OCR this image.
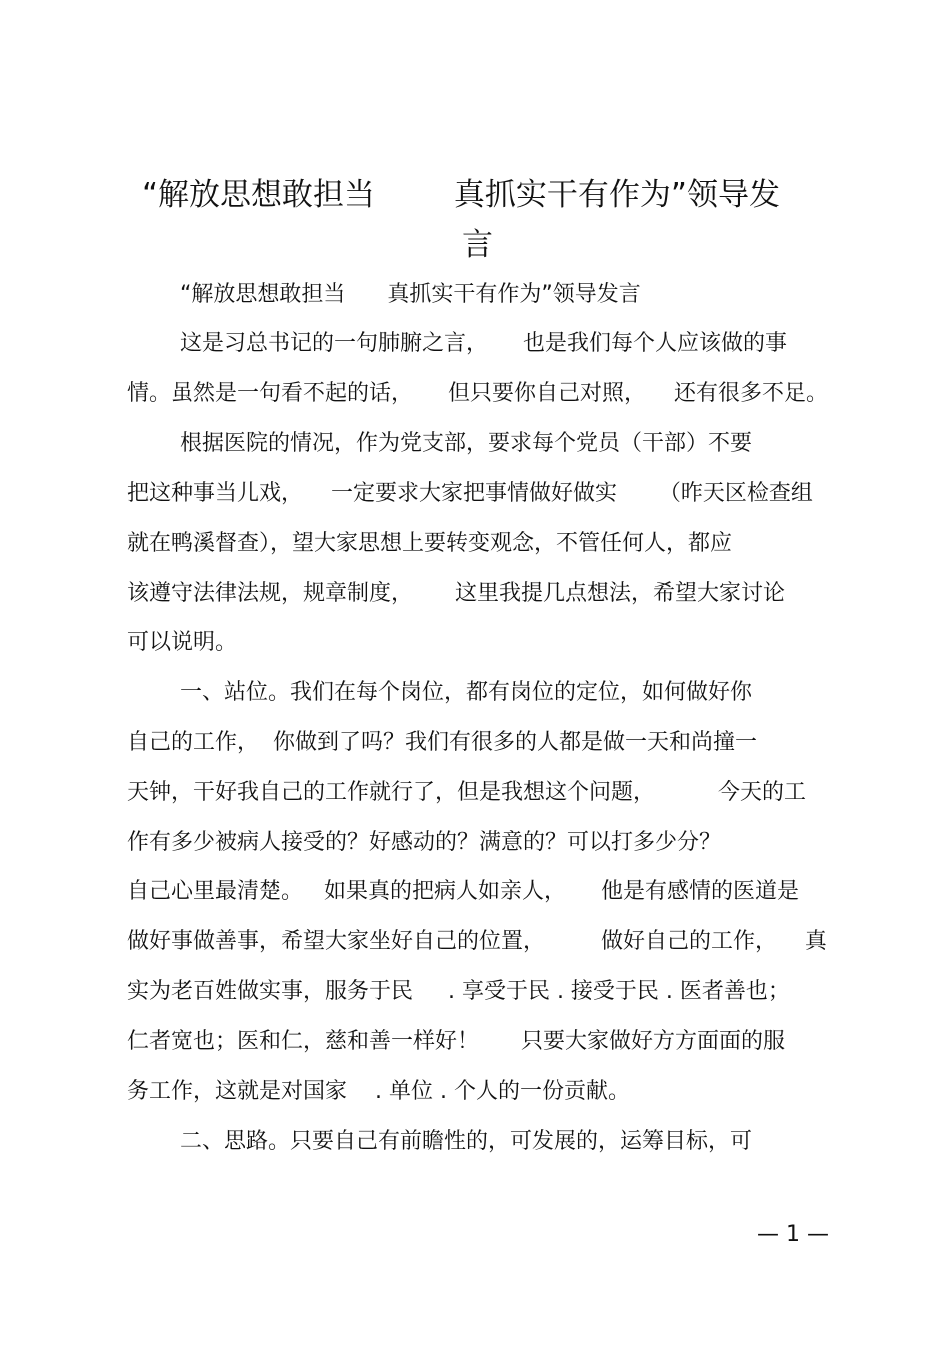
“解放思想敢担当        真抓实干有作为”领导发
言
“解放思想敢担当      真抓实干有作为”领导发言
这是习总书记的一句肺腑之言，     也是我们每个人应该做的事
情。虽然是一句看不起的话，     但只要你自己对照，    还有很多不足。
根据医院的情况，作为党支部，要求每个党员（干部）不要
把这种事当儿戏，    一定要求大家把事情做好做实      （昨天区检查组
就在鸭溪督查），望大家思想上要转变观念，不管任何人，都应
该遵守法律法规，规章制度，      这里我提几点想法，希望大家讨论
可以说明。
一、站位。我们在每个岗位，都有岗位的定位，如何做好你
自己的工作，  你做到了吗？我们有很多的人都是做一天和尚撞一
天钟，干好我自己的工作就行了，但是我想这个问题，         今天的工
作有多少被病人接受的？好感动的？满意的？可以打多少分？
自己心里最清楚。   如果真的把病人如亲人，     他是有感情的医道是
做好事做善事，希望大家坐好自己的位置，        做好自己的工作，    真
实为老百姓做实事，服务于民     . 享受于民 . 接受于民 . 医者善也；
仁者宽也；医和仁，慈和善一样好！      只要大家做好方方面面的服
务工作，这就是对国家    . 单位 . 个人的一份贡献。
二、思路。只要自己有前瞻性的，可发展的，运筹目标，可
— 1 —
